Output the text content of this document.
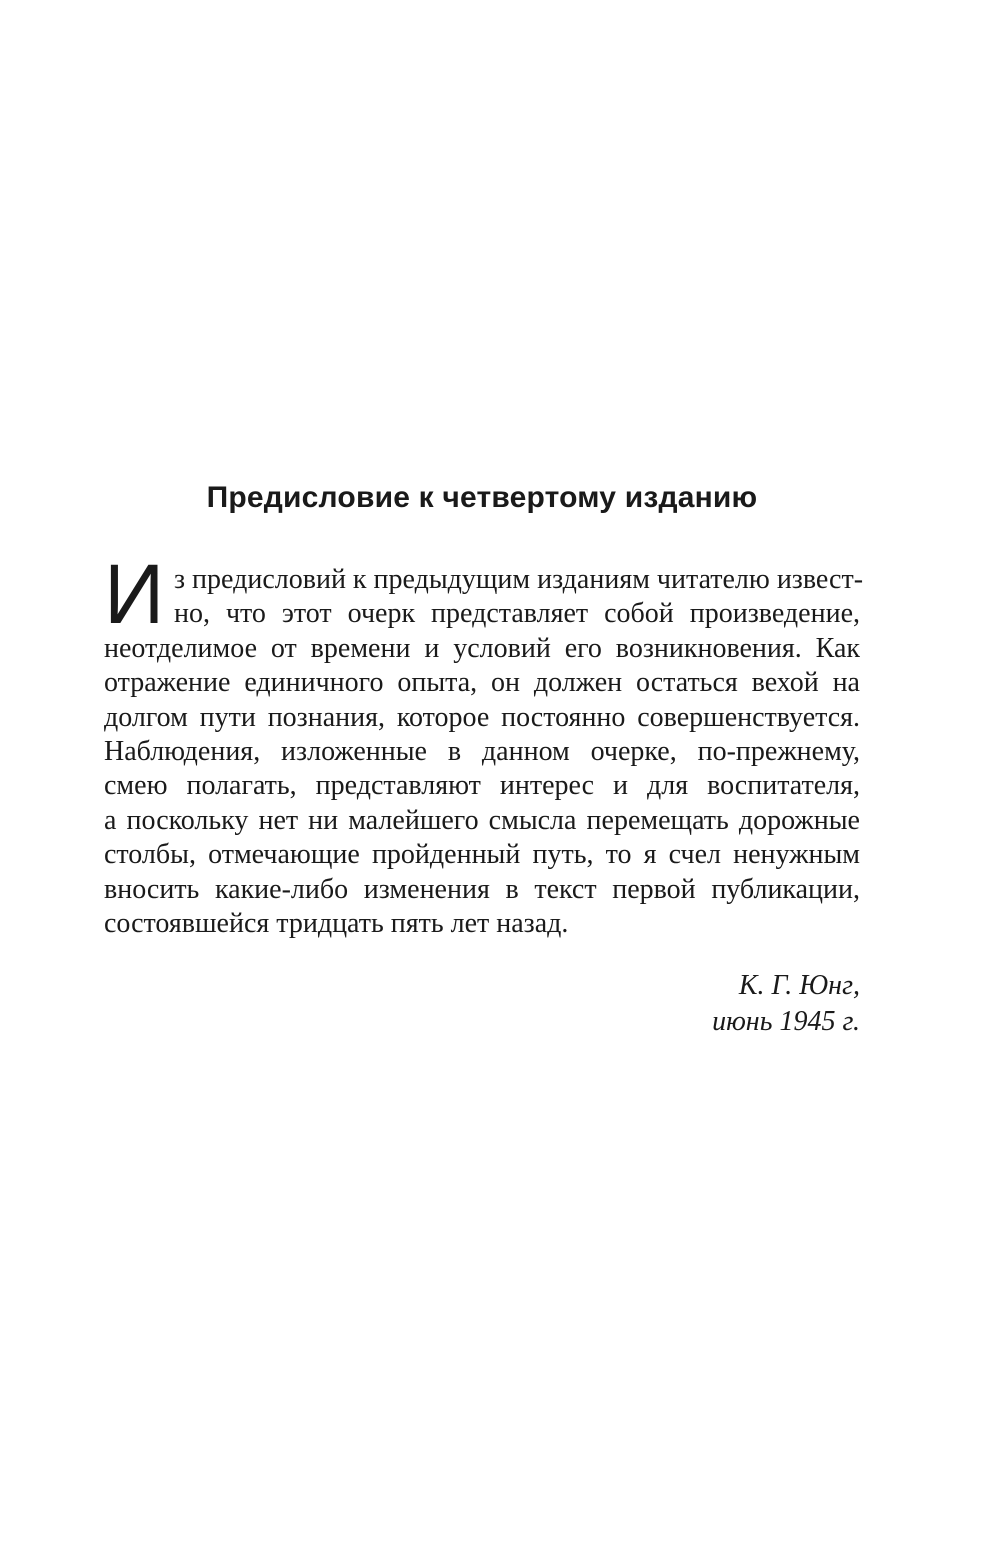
Предисловие к четвертому изданию
И з предисловий к предыдущим изданиям читателю извест-
но, что этот очерк представляет собой произведение,
неотделимое от времени и условий его возникновения. Как
отражение единичного опыта, он должен остаться вехой на
долгом пути познания, которое постоянно совершенствуется.
Наблюдения, изложенные в данном очерке, по-прежнему,
смею полагать, представляют интерес и для воспитателя,
а поскольку нет ни малейшего смысла перемещать дорожные
столбы, отмечающие пройденный путь, то я счел ненужным
вносить какие-либо изменения в текст первой публикации,
состоявшейся тридцать пять лет назад.
К. Г. Юнг,
июнь 1945 г.
